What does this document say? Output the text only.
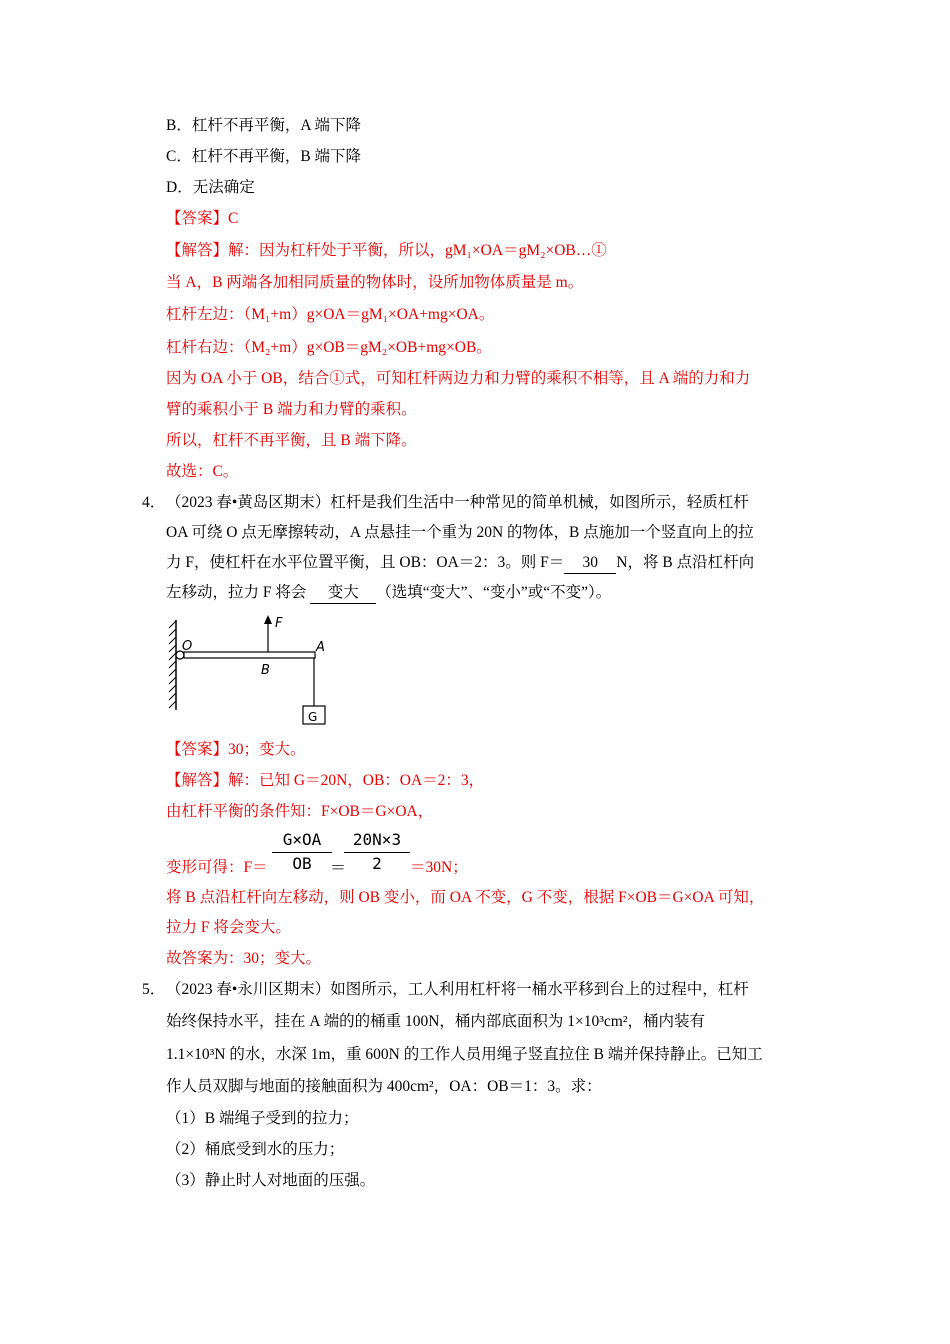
B．杠杆不再平衡，A 端下降
C．杠杆不再平衡，B 端下降
D．无法确定
【答案】C
【解答】解：因为杠杆处于平衡，所以，gM₁×OA＝gM₂×OB…①
当 A，B 两端各加相同质量的物体时，设所加物体质量是 m。
杠杆左边：（M₁+m）g×OA＝gM₁×OA+mg×OA。
杠杆右边：（M₂+m）g×OB＝gM₂×OB+mg×OB。
因为 OA 小于 OB，结合①式，可知杠杆两边力和力臂的乘积不相等，且 A 端的力和力
臂的乘积小于 B 端力和力臂的乘积。
所以，杠杆不再平衡，且 B 端下降。
故选：C。
4． （2023 春•黄岛区期末）杠杆是我们生活中一种常见的简单机械，如图所示，轻质杠杆
OA 可绕 O 点无摩擦转动，A 点悬挂一个重为 20N 的物体，B 点施加一个竖直向上的拉
力 F，使杠杆在水平位置平衡，且 OB：OA＝2：3。则 F＝ 30 N，将 B 点沿杠杆向
左移动，拉力 F 将会 变大 （选填“变大”、“变小”或“不变”）。
O
F
A
B
G
【答案】30；变大。
【解答】解：已知 G＝20N，OB：OA＝2：3，
由杠杆平衡的条件知：F×OB＝G×OA，
变形可得：F＝
G×OA
OB	＝
20N×3
2	＝30N；
将 B 点沿杠杆向左移动，则 OB 变小，而 OA 不变，G 不变，根据 F×OB＝G×OA 可知，
拉力 F 将会变大。
故答案为：30；变大。
5． （2023 春•永川区期末）如图所示，工人利用杠杆将一桶水平移到台上的过程中，杠杆
始终保持水平，挂在 A 端的的桶重 100N，桶内部底面积为 1×10³cm²，桶内装有
1.1×10³N 的水，水深 1m，重 600N 的工作人员用绳子竖直拉住 B 端并保持静止。已知工
作人员双脚与地面的接触面积为 400cm²，OA：OB＝1：3。求：
（1）B 端绳子受到的拉力；
（2）桶底受到水的压力；
（3）静止时人对地面的压强。
